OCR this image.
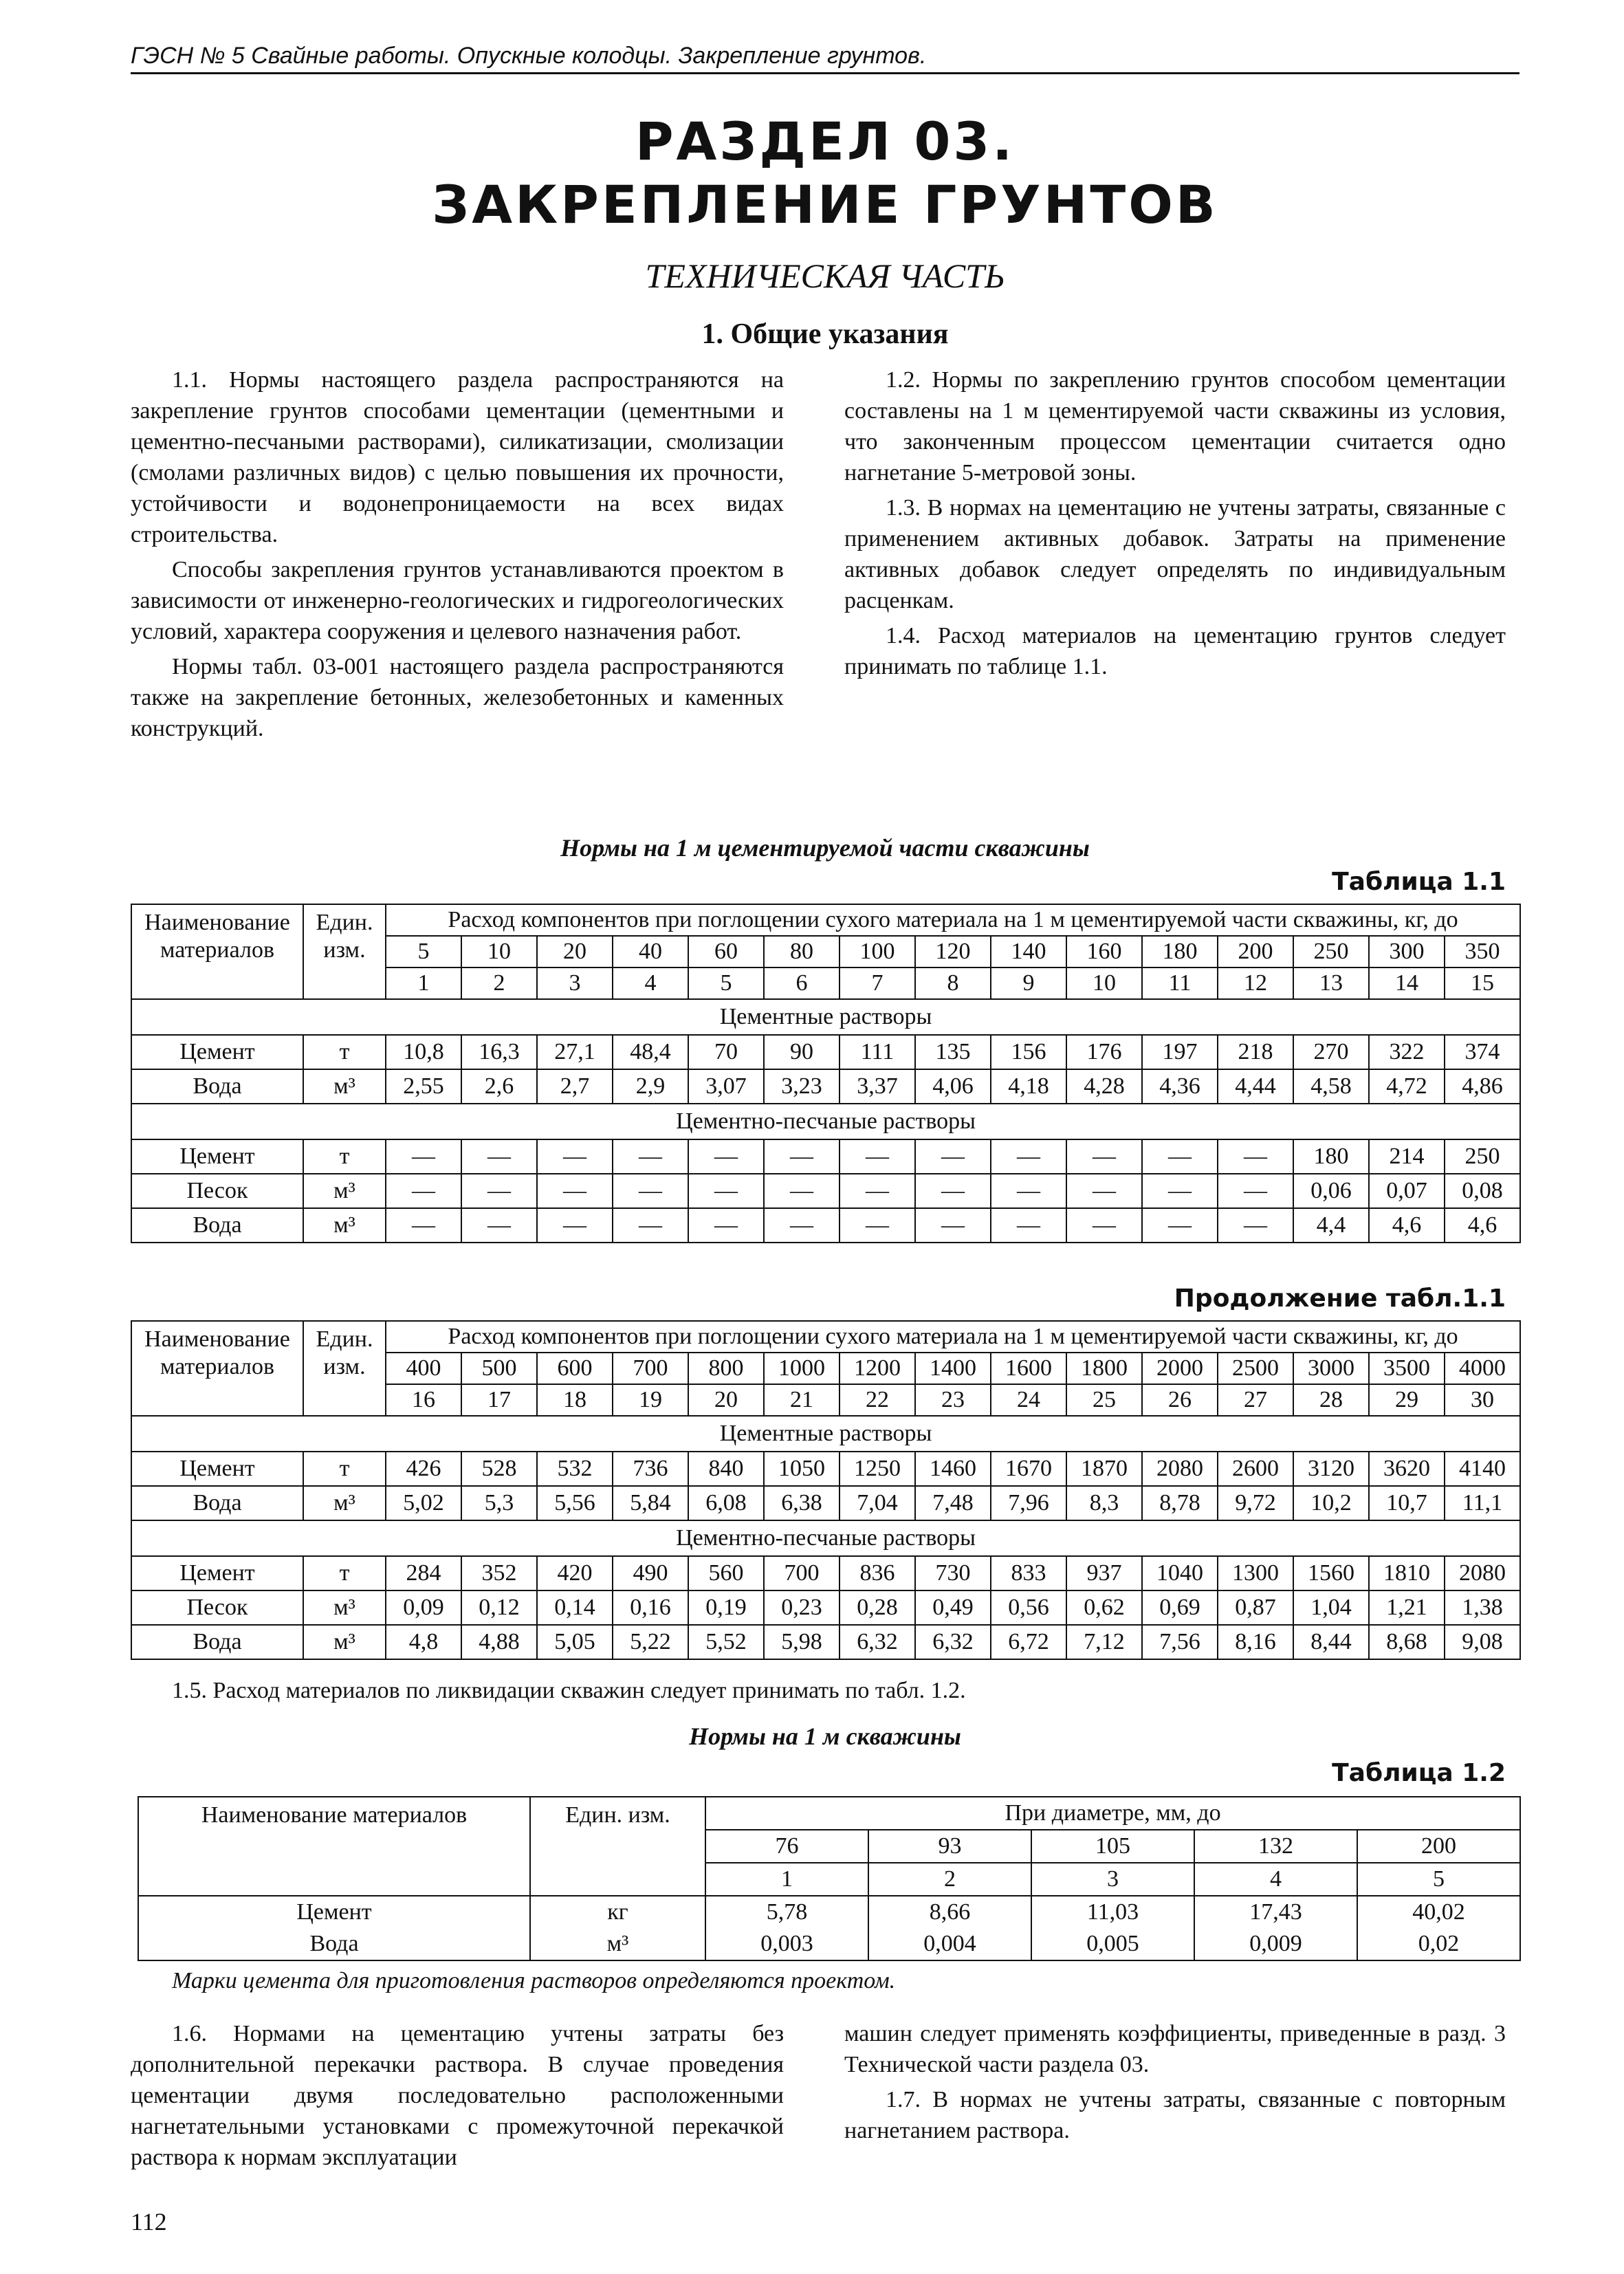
ГЭСН № 5 Свайные работы. Опускные колодцы. Закрепление грунтов.
РАЗДЕЛ 03.
ЗАКРЕПЛЕНИЕ ГРУНТОВ
ТЕХНИЧЕСКАЯ ЧАСТЬ
1. Общие указания

1.1. Нормы настоящего раздела распространяются на закрепление грунтов способами цементации (цементными и цементно-песчаными растворами), силикатизации, смолизации (смолами различных видов) с целью повышения их прочности, устойчивости и водонепроницаемости на всех видах строительства.

Способы закрепления грунтов устанавливаются проектом в зависимости от инженерно-геологических и гидрогеологических условий, характера сооружения и целевого назначения работ.

Нормы табл. 03-001 настоящего раздела распространяются также на закрепление бетонных, железобетонных и каменных конструкций.

1.2. Нормы по закреплению грунтов способом цементации составлены на 1 м цементируемой части скважины из условия, что законченным процессом цементации считается одно нагнетание 5-метровой зоны.

1.3. В нормах на цементацию не учтены затраты, связанные с применением активных добавок. Затраты на применение активных добавок следует определять по индивидуальным расценкам.

1.4. Расход материалов на цементацию грунтов следует принимать по таблице 1.1.

Нормы на 1 м цементируемой части скважины
Таблица 1.1
Наименование материалов	Един. изм.	Расход компонентов при поглощении сухого материала на 1 м цементируемой части скважины, кг, до														
		5	10	20	40	60	80	100	120	140	160	180	200	250	300	350
		1	2	3	4	5	6	7	8	9	10	11	12	13	14	15
Цементные растворы																
Цемент	т	10,8	16,3	27,1	48,4	70	90	111	135	156	176	197	218	270	322	374
Вода	м³	2,55	2,6	2,7	2,9	3,07	3,23	3,37	4,06	4,18	4,28	4,36	4,44	4,58	4,72	4,86
Цементно-песчаные растворы																
Цемент	т	—	—	—	—	—	—	—	—	—	—	—	—	180	214	250
Песок	м³	—	—	—	—	—	—	—	—	—	—	—	—	0,06	0,07	0,08
Вода	м³	—	—	—	—	—	—	—	—	—	—	—	—	4,4	4,6	4,6
Продолжение табл.1.1
Наименование материалов	Един. изм.	Расход компонентов при поглощении сухого материала на 1 м цементируемой части скважины, кг, до														
		400	500	600	700	800	1000	1200	1400	1600	1800	2000	2500	3000	3500	4000
		16	17	18	19	20	21	22	23	24	25	26	27	28	29	30
Цементные растворы																
Цемент	т	426	528	532	736	840	1050	1250	1460	1670	1870	2080	2600	3120	3620	4140
Вода	м³	5,02	5,3	5,56	5,84	6,08	6,38	7,04	7,48	7,96	8,3	8,78	9,72	10,2	10,7	11,1
Цементно-песчаные растворы																
Цемент	т	284	352	420	490	560	700	836	730	833	937	1040	1300	1560	1810	2080
Песок	м³	0,09	0,12	0,14	0,16	0,19	0,23	0,28	0,49	0,56	0,62	0,69	0,87	1,04	1,21	1,38
Вода	м³	4,8	4,88	5,05	5,22	5,52	5,98	6,32	6,32	6,72	7,12	7,56	8,16	8,44	8,68	9,08
1.5. Расход материалов по ликвидации скважин следует принимать по табл. 1.2.
Нормы на 1 м скважины
Таблица 1.2
Наименование материалов	Един. изм.	При диаметре, мм, до				
		76	93	105	132	200
		1	2	3	4	5
Цемент	кг	5,78	8,66	11,03	17,43	40,02
Вода	м³	0,003	0,004	0,005	0,009	0,02
Марки цемента для приготовления растворов определяются проектом.

1.6. Нормами на цементацию учтены затраты без дополнительной перекачки раствора. В случае проведения цементации двумя последовательно расположенными нагнетательными установками с промежуточной перекачкой раствора к нормам эксплуатации

машин следует применять коэффициенты, приведенные в разд. 3 Технической части раздела 03.

1.7. В нормах не учтены затраты, связанные с повторным нагнетанием раствора.

112
